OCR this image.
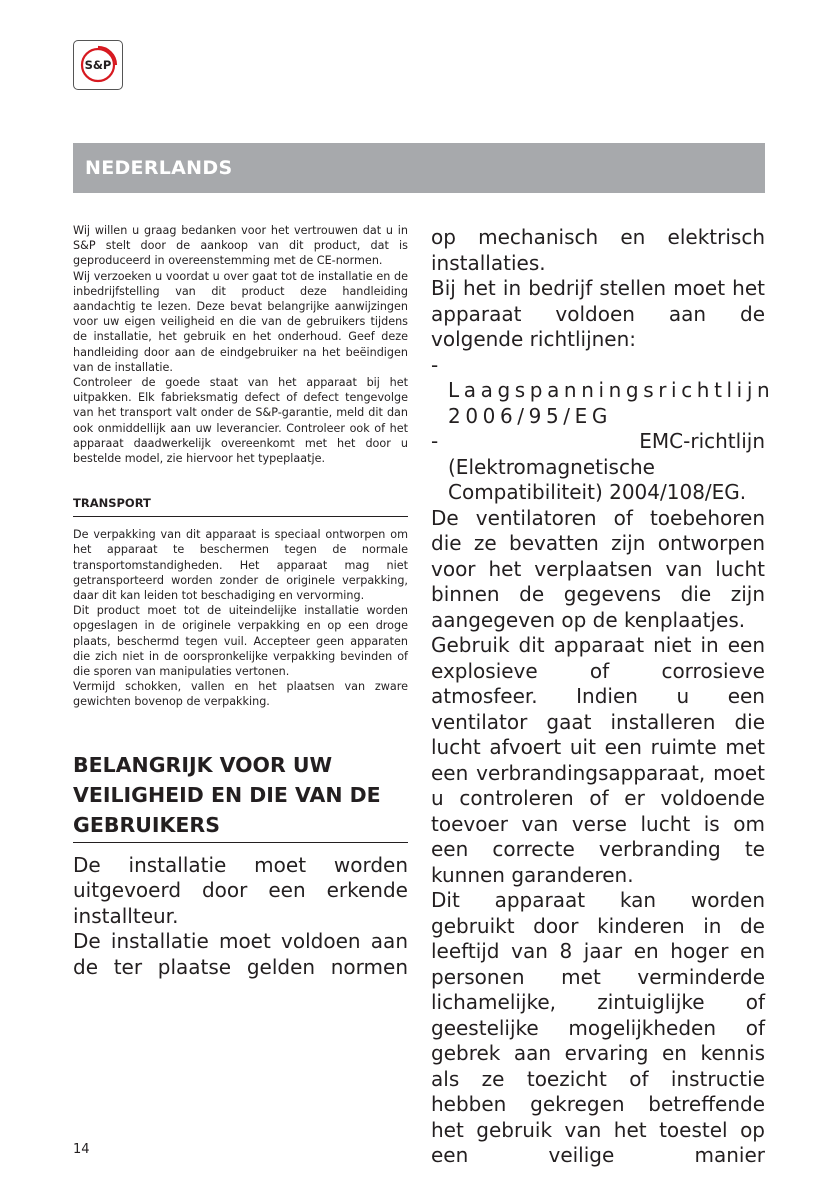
S&P
NEDERLANDS

Wij willen u graag bedanken voor het vertrouwen dat u in S&P stelt door de aankoop van dit product, dat is geproduceerd in overeenstemming met de CE-normen.

Wij verzoeken u voordat u over gaat tot de installatie en de inbedrijfstelling van dit product deze handleiding aandachtig te lezen. Deze bevat belangrijke aanwijzingen voor uw eigen veiligheid en die van de gebruikers tijdens de installatie, het gebruik en het onderhoud. Geef deze handleiding door aan de eindgebruiker na het beëindigen van de installatie.

Controleer de goede staat van het apparaat bij het uitpakken. Elk fabrieksmatig defect of defect tengevolge van het transport valt onder de S&P-garantie, meld dit dan ook onmiddellijk aan uw leverancier. Controleer ook of het apparaat daadwerkelijk overeenkomt met het door u bestelde model, zie hiervoor het typeplaatje.

TRANSPORT

De verpakking van dit apparaat is speciaal ontworpen om het apparaat te beschermen tegen de normale transportomstandigheden. Het apparaat mag niet getransporteerd worden zonder de originele verpakking, daar dit kan leiden tot beschadiging en vervorming.

Dit product moet tot de uiteindelijke installatie worden opgeslagen in de originele verpakking en op een droge plaats, beschermd tegen vuil. Accepteer geen apparaten die zich niet in de oorspronkelijke verpakking bevinden of die sporen van manipulaties vertonen.

Vermijd schokken, vallen en het plaatsen van zware gewichten bovenop de verpakking.

BELANGRIJK VOOR UW VEILIGHEID EN DIE VAN DE GEBRUIKERS

De installatie moet worden uitgevoerd door een erkende installteur.

De installatie moet voldoen aan de ter plaatse gelden normen

op mechanisch en elektrisch installaties.

Bij het in bedrijf stellen moet het apparaat voldoen aan de volgende richtlijnen:

- Laagspanningsrichtlijn 2006/95/EG
- EMC-richtlijn (Elektromagnetische Compatibiliteit) 2004/108/EG.

De ventilatoren of toebehoren die ze bevatten zijn ontworpen voor het verplaatsen van lucht binnen de gegevens die zijn aangegeven op de kenplaatjes.

Gebruik dit apparaat niet in een explosieve of corrosieve atmosfeer. Indien u een ventilator gaat installeren die lucht afvoert uit een ruimte met een verbrandingsapparaat, moet u controleren of er voldoende toevoer van verse lucht is om een correcte verbranding te kunnen garanderen.

Dit apparaat kan worden gebruikt door kinderen in de leeftijd van 8 jaar en hoger en personen met verminderde lichamelijke, zintuiglijke of geestelijke mogelijkheden of gebrek aan ervaring en kennis als ze toezicht of instructie hebben gekregen betreffende het gebruik van het toestel op een veilige manier

14
